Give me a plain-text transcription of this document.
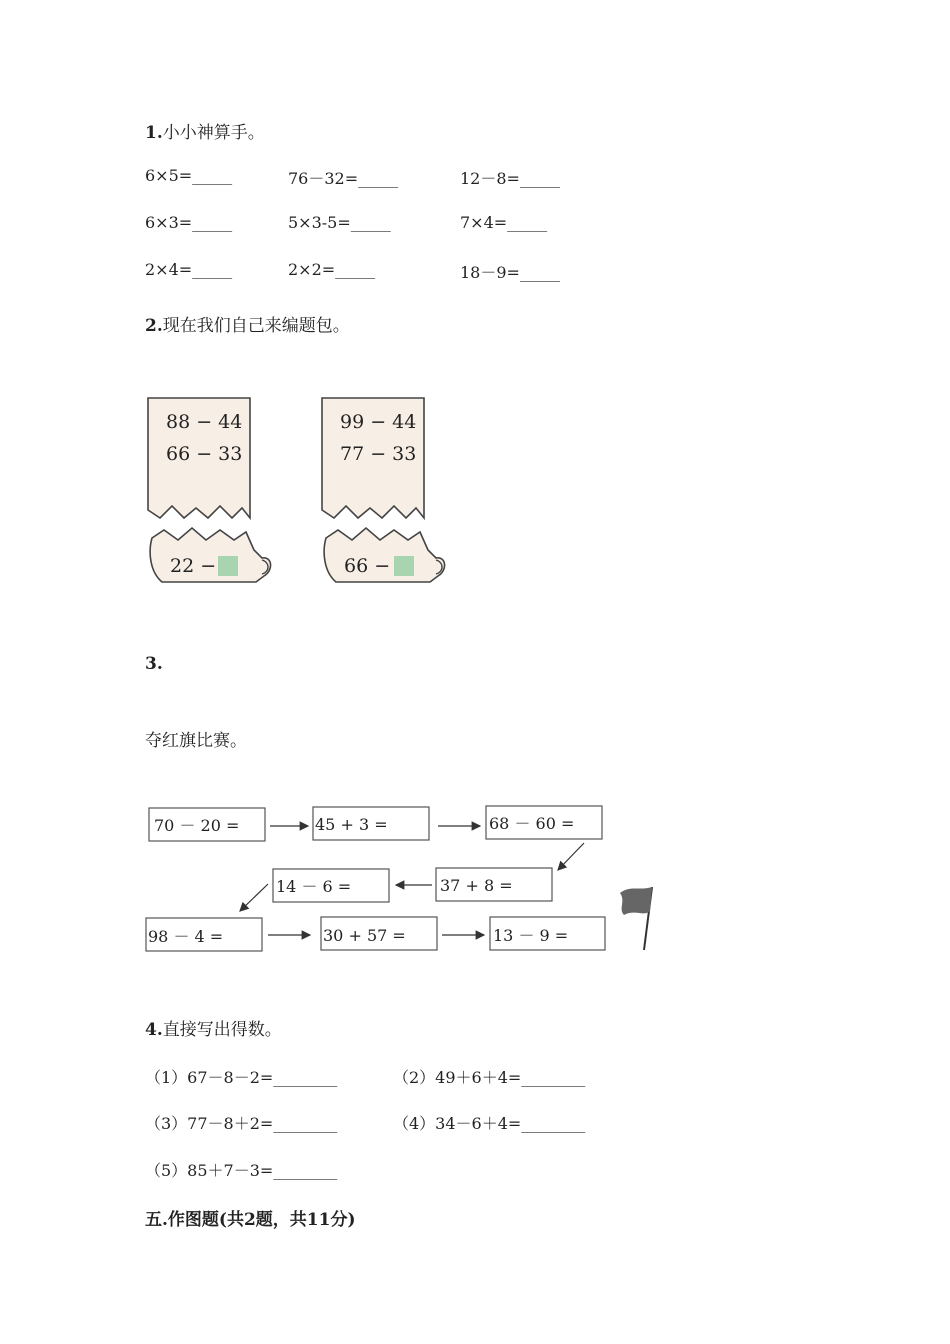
1.小小神算手。
6×5=_____	76－32=_____	12－8=_____
6×3=_____	5×3-5=_____	7×4=_____
2×4=_____	2×2=_____	18－9=_____
2.现在我们自己来编题包。
88 − 44
66 − 33
22 −
99 − 44
77 − 33
66 −
3.
夺红旗比赛。
70 － 20 =	45 + 3 =	68 － 60 =
37 + 8 =
14 － 6 =
98 － 4 =	30 + 57 =	13 － 9 =
4.直接写出得数。
（1）67－8－2=________	（2）49＋6＋4=________
（3）77－8＋2=________	（4）34－6＋4=________
（5）85＋7－3=________
五.作图题(共2题，共11分)
